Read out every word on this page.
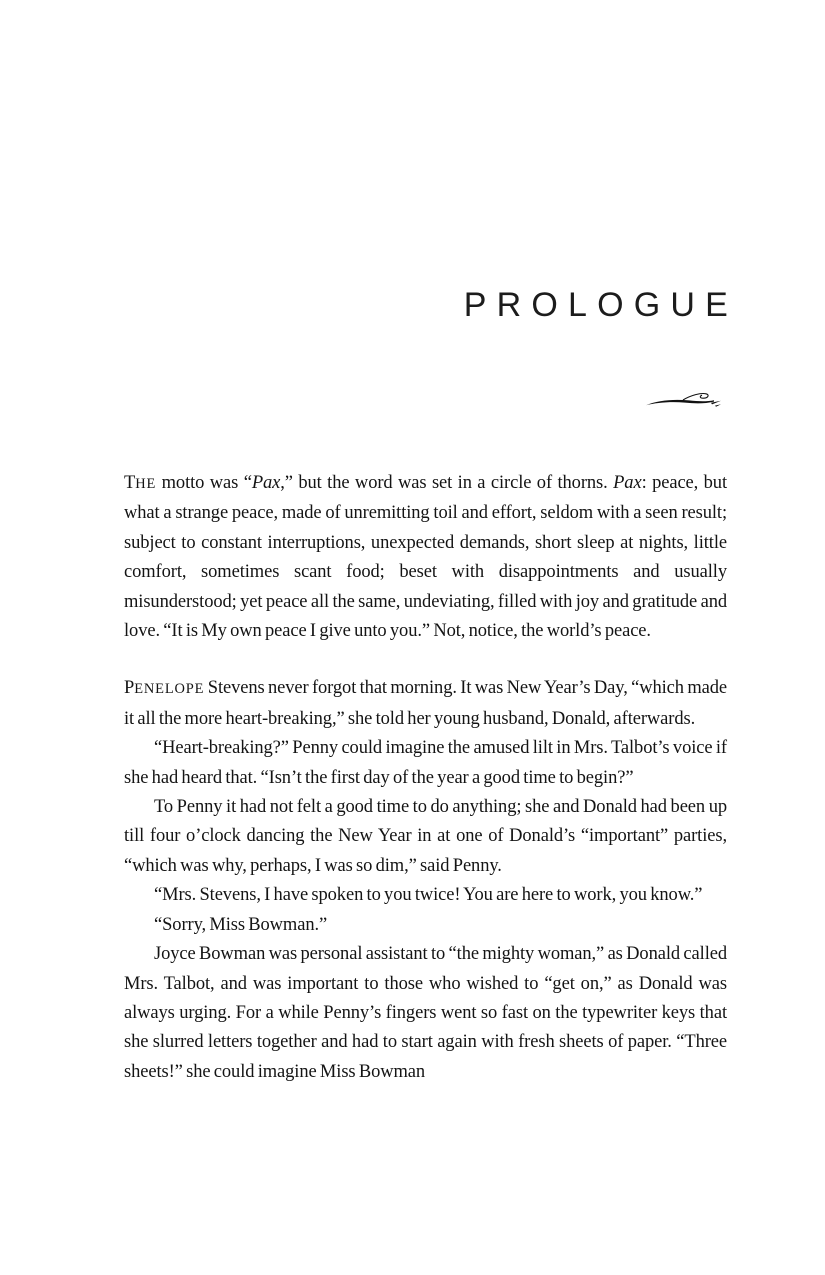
PROLOGUE

THE motto was “Pax,” but the word was set in a circle of thorns. Pax: peace, but what a strange peace, made of unremitting toil and effort, seldom with a seen result; subject to constant interruptions, unexpected demands, short sleep at nights, little comfort, sometimes scant food; beset with disappointments and usually misunderstood; yet peace all the same, undeviating, filled with joy and gratitude and love. “It is My own peace I give unto you.” Not, notice, the world’s peace.

PENELOPE Stevens never forgot that morning. It was New Year’s Day, “which made it all the more heart-breaking,” she told her young husband, Donald, afterwards.

“Heart-breaking?” Penny could imagine the amused lilt in Mrs. Talbot’s voice if she had heard that. “Isn’t the first day of the year a good time to begin?”

To Penny it had not felt a good time to do anything; she and Donald had been up till four o’clock dancing the New Year in at one of Donald’s “important” parties, “which was why, perhaps, I was so dim,” said Penny.

“Mrs. Stevens, I have spoken to you twice! You are here to work, you know.”

“Sorry, Miss Bowman.”

Joyce Bowman was personal assistant to “the mighty woman,” as Donald called Mrs. Talbot, and was important to those who wished to “get on,” as Donald was always urging. For a while Penny’s fingers went so fast on the typewriter keys that she slurred letters together and had to start again with fresh sheets of paper. “Three sheets!” she could imagine Miss Bowman
